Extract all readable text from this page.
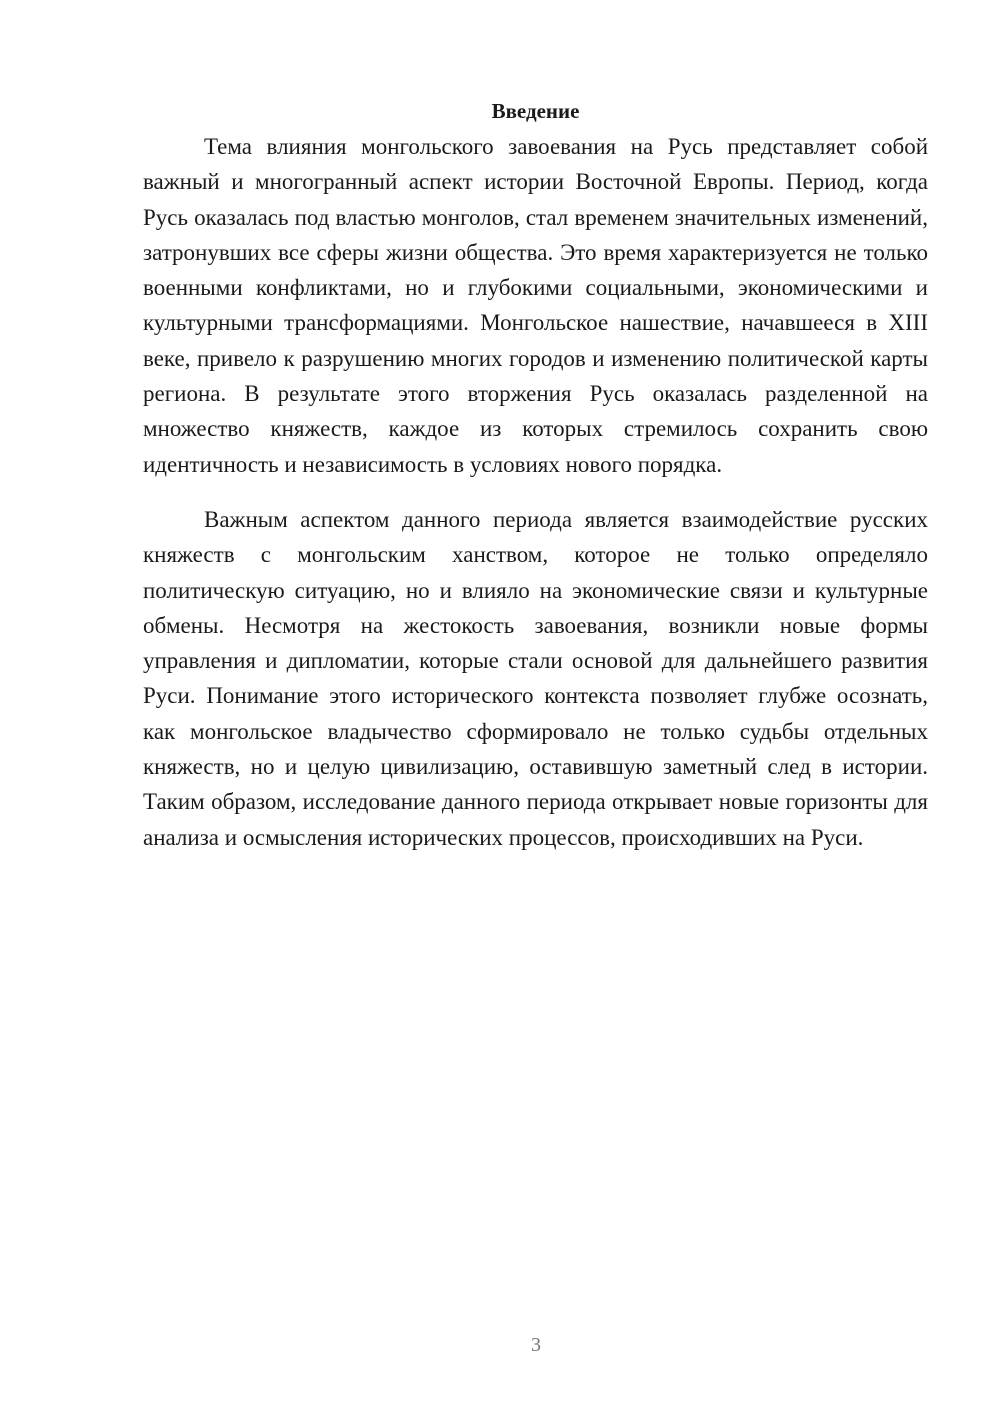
Введение

Тема влияния монгольского завоевания на Русь представляет собой важный и многогранный аспект истории Восточной Европы. Период, когда Русь оказалась под властью монголов, стал временем значительных изменений, затронувших все сферы жизни общества. Это время характеризуется не только военными конфликтами, но и глубокими социальными, экономическими и культурными трансформациями. Монгольское нашествие, начавшееся в XIII веке, привело к разрушению многих городов и изменению политической карты региона. В результате этого вторжения Русь оказалась разделенной на множество княжеств, каждое из которых стремилось сохранить свою идентичность и независимость в условиях нового порядка.

Важным аспектом данного периода является взаимодействие русских княжеств с монгольским ханством, которое не только определяло политическую ситуацию, но и влияло на экономические связи и культурные обмены. Несмотря на жестокость завоевания, возникли новые формы управления и дипломатии, которые стали основой для дальнейшего развития Руси. Понимание этого исторического контекста позволяет глубже осознать, как монгольское владычество сформировало не только судьбы отдельных княжеств, но и целую цивилизацию, оставившую заметный след в истории. Таким образом, исследование данного периода открывает новые горизонты для анализа и осмысления исторических процессов, происходивших на Руси.

3
